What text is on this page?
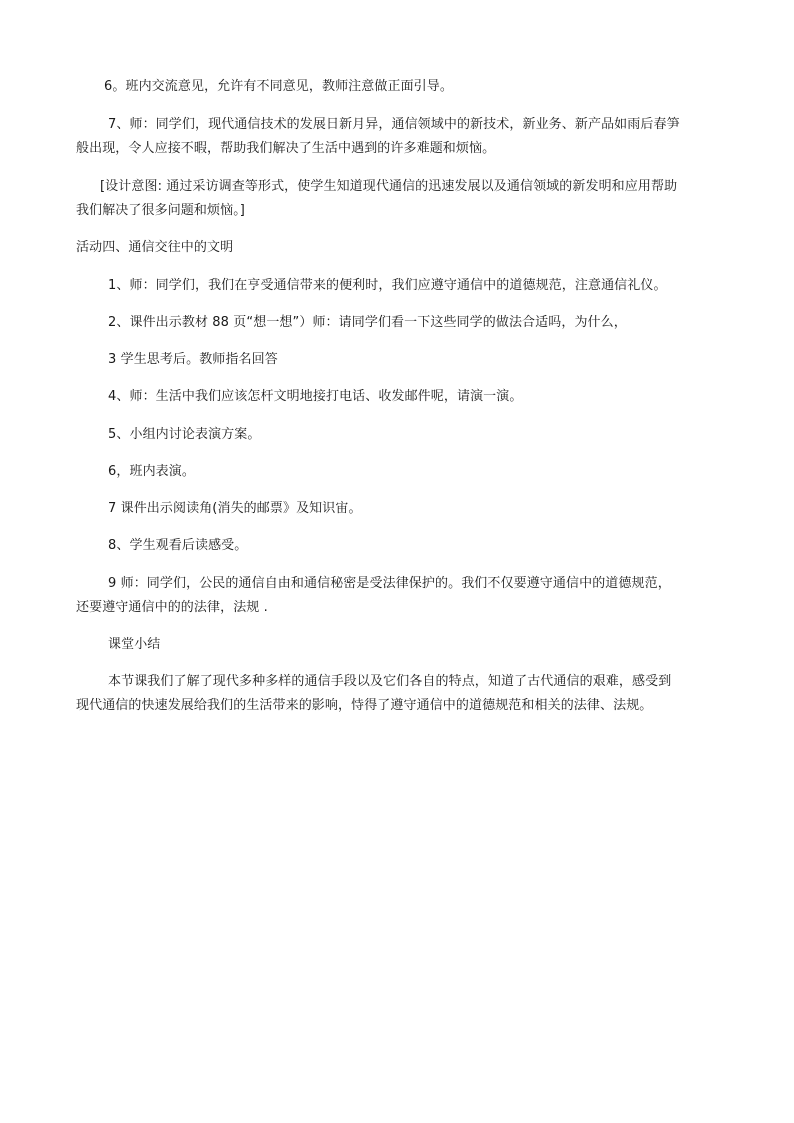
6。班内交流意见，允许有不同意见，教师注意做正面引导。
7、师：同学们，现代通信技术的发展日新月异，通信领域中的新技术，新业务、新产品如雨后春笋
般出现，令人应接不暇，帮助我们解决了生活中遇到的许多难题和烦恼。
[设计意图: 通过采访调查等形式，使学生知道现代通信的迅速发展以及通信领域的新发明和应用帮助
我们解决了很多问题和烦恼。]
活动四、通信交往中的文明
1、师：同学们，我们在亨受通信带来的便利时，我们应遵守通信中的道德规范，注意通信礼仪。
2、课件出示教材 88 页“想一想”）师：请同学们看一下这些同学的做法合适吗，为什么，
3 学生思考后。教师指名回答
4、师：生活中我们应该怎杆文明地接打电话、收发邮件呢，请演一演。
5、小组内讨论表演方案。
6，班内表演。
7 课件出示阅读角(消失的邮票》及知识宙。
8、学生观看后读感受。
9 师：同学们，公民的通信自由和通信秘密是受法律保护的。我们不仅要遵守通信中的道德规范，
还要遵守通信中的的法律，法规 .
课堂小结
本节课我们了解了现代多种多样的通信手段以及它们各自的特点，知道了古代通信的艰难，感受到
现代通信的快速发展给我们的生活带来的影响，恃得了遵守通信中的道德规范和相关的法律、法规。
